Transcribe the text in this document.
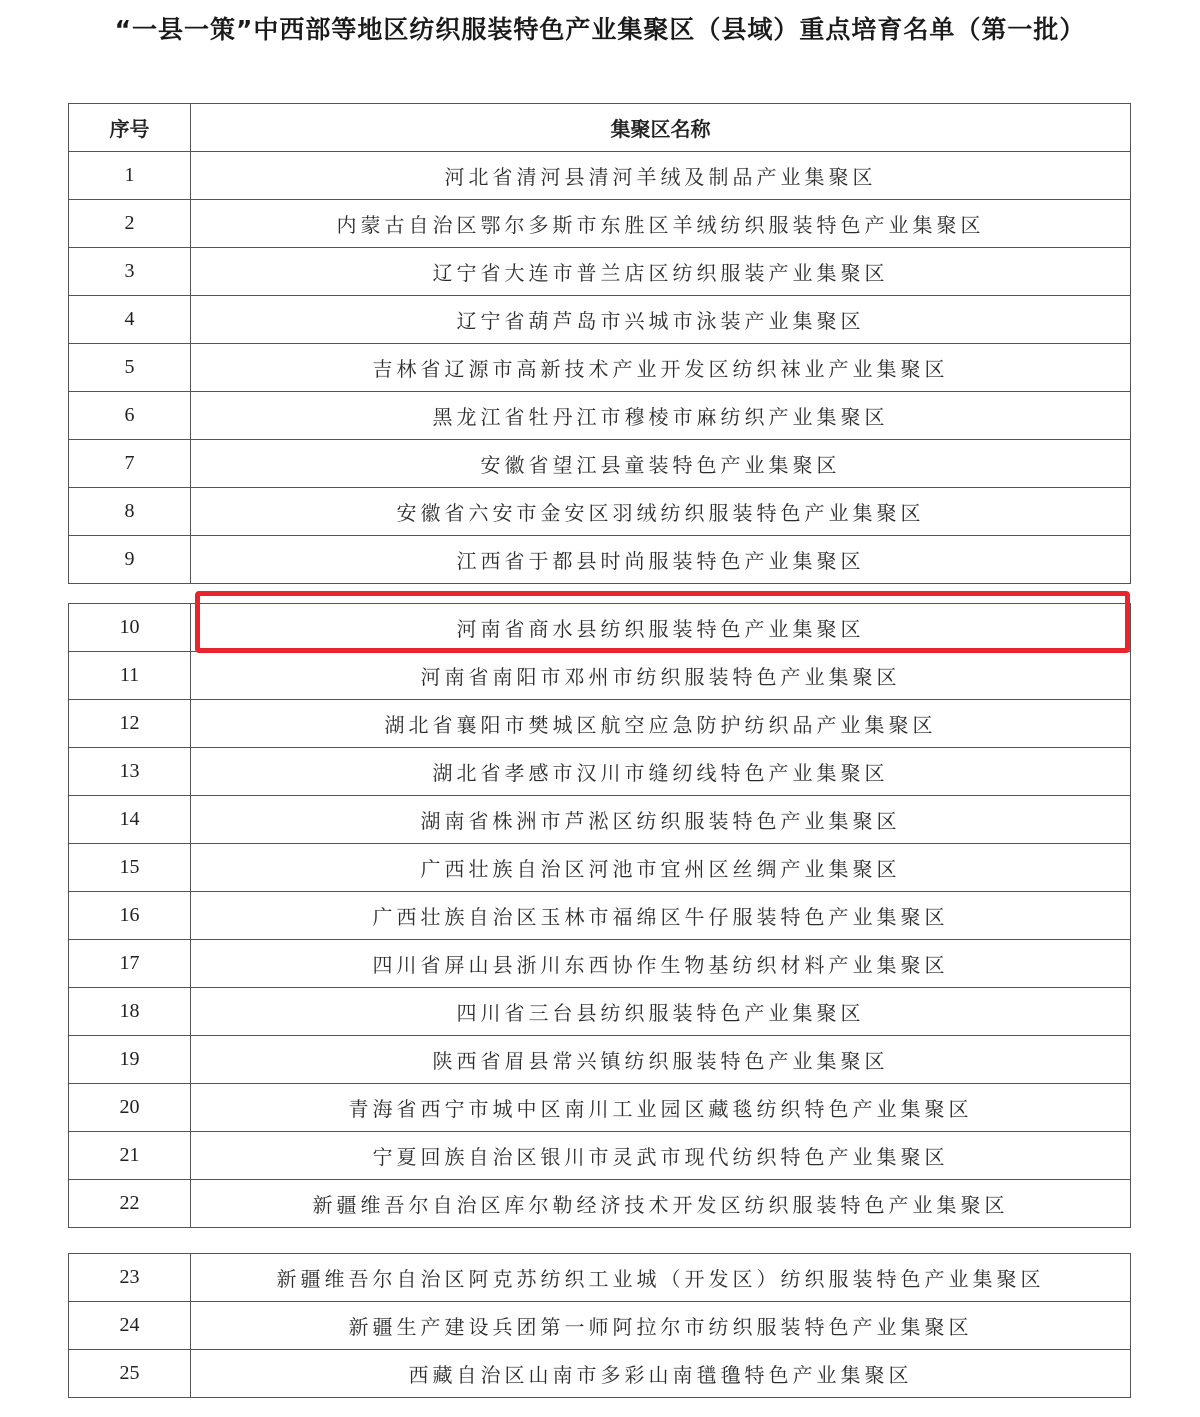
“一县一策”中西部等地区纺织服装特色产业集聚区（县域）重点培育名单（第一批）
序号	集聚区名称
1	河北省清河县清河羊绒及制品产业集聚区
2	内蒙古自治区鄂尔多斯市东胜区羊绒纺织服装特色产业集聚区
3	辽宁省大连市普兰店区纺织服装产业集聚区
4	辽宁省葫芦岛市兴城市泳装产业集聚区
5	吉林省辽源市高新技术产业开发区纺织袜业产业集聚区
6	黑龙江省牡丹江市穆棱市麻纺织产业集聚区
7	安徽省望江县童装特色产业集聚区
8	安徽省六安市金安区羽绒纺织服装特色产业集聚区
9	江西省于都县时尚服装特色产业集聚区
10	河南省商水县纺织服装特色产业集聚区
11	河南省南阳市邓州市纺织服装特色产业集聚区
12	湖北省襄阳市樊城区航空应急防护纺织品产业集聚区
13	湖北省孝感市汉川市缝纫线特色产业集聚区
14	湖南省株洲市芦淞区纺织服装特色产业集聚区
15	广西壮族自治区河池市宜州区丝绸产业集聚区
16	广西壮族自治区玉林市福绵区牛仔服装特色产业集聚区
17	四川省屏山县浙川东西协作生物基纺织材料产业集聚区
18	四川省三台县纺织服装特色产业集聚区
19	陕西省眉县常兴镇纺织服装特色产业集聚区
20	青海省西宁市城中区南川工业园区藏毯纺织特色产业集聚区
21	宁夏回族自治区银川市灵武市现代纺织特色产业集聚区
22	新疆维吾尔自治区库尔勒经济技术开发区纺织服装特色产业集聚区
23	新疆维吾尔自治区阿克苏纺织工业城（开发区）纺织服装特色产业集聚区
24	新疆生产建设兵团第一师阿拉尔市纺织服装特色产业集聚区
25	西藏自治区山南市多彩山南氆氇特色产业集聚区
